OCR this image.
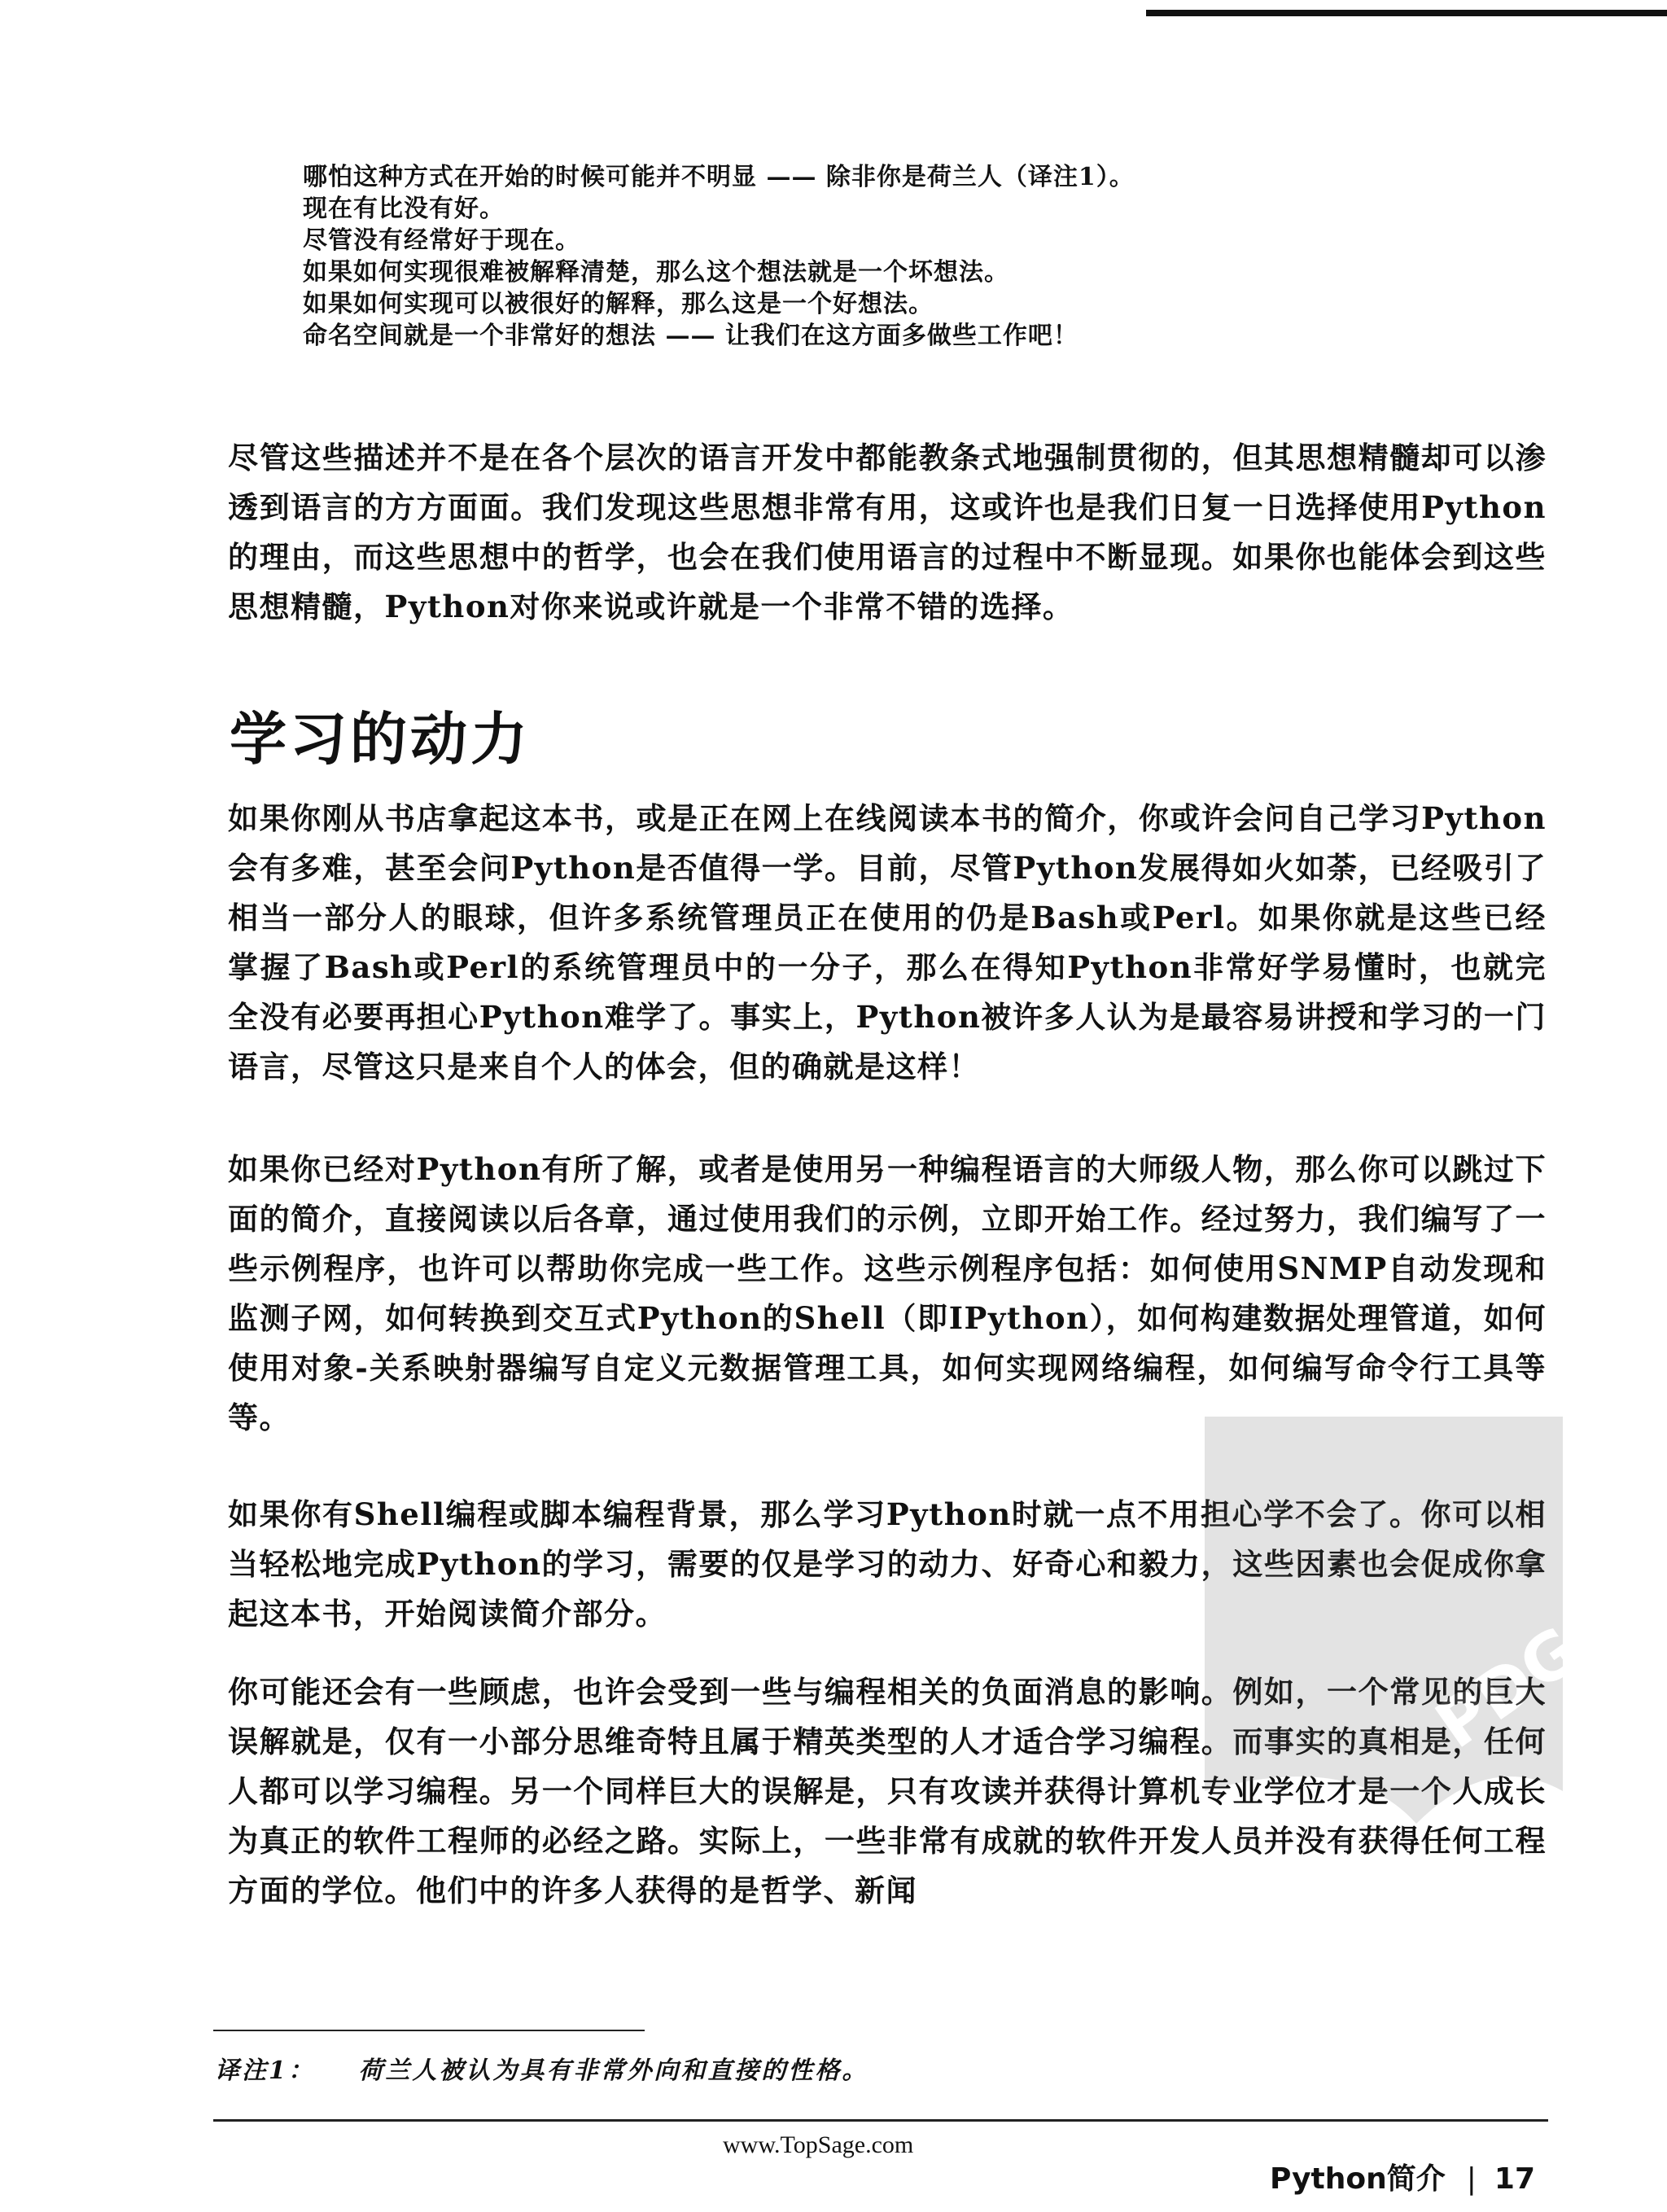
哪怕这种方式在开始的时候可能并不明显 —— 除非你是荷兰人（译注1）。
现在有比没有好。
尽管没有经常好于现在。
如果如何实现很难被解释清楚，那么这个想法就是一个坏想法。
如果如何实现可以被很好的解释，那么这是一个好想法。
命名空间就是一个非常好的想法 —— 让我们在这方面多做些工作吧！

尽管这些描述并不是在各个层次的语言开发中都能教条式地强制贯彻的，但其思想精髓却可以渗透到语言的方方面面。我们发现这些思想非常有用，这或许也是我们日复一日选择使用Python的理由，而这些思想中的哲学，也会在我们使用语言的过程中不断显现。如果你也能体会到这些思想精髓，Python对你来说或许就是一个非常不错的选择。

学习的动力

如果你刚从书店拿起这本书，或是正在网上在线阅读本书的简介，你或许会问自己学习Python会有多难，甚至会问Python是否值得一学。目前，尽管Python发展得如火如荼，已经吸引了相当一部分人的眼球，但许多系统管理员正在使用的仍是Bash或Perl。如果你就是这些已经掌握了Bash或Perl的系统管理员中的一分子，那么在得知Python非常好学易懂时，也就完全没有必要再担心Python难学了。事实上，Python被许多人认为是最容易讲授和学习的一门语言，尽管这只是来自个人的体会，但的确就是这样！

如果你已经对Python有所了解，或者是使用另一种编程语言的大师级人物，那么你可以跳过下面的简介，直接阅读以后各章，通过使用我们的示例，立即开始工作。经过努力，我们编写了一些示例程序，也许可以帮助你完成一些工作。这些示例程序包括：如何使用SNMP自动发现和监测子网，如何转换到交互式Python的Shell（即IPython），如何构建数据处理管道，如何使用对象-关系映射器编写自定义元数据管理工具，如何实现网络编程，如何编写命令行工具等等。

如果你有Shell编程或脚本编程背景，那么学习Python时就一点不用担心学不会了。你可以相当轻松地完成Python的学习，需要的仅是学习的动力、好奇心和毅力，这些因素也会促成你拿起这本书，开始阅读简介部分。

你可能还会有一些顾虑，也许会受到一些与编程相关的负面消息的影响。例如，一个常见的巨大误解就是，仅有一小部分思维奇特且属于精英类型的人才适合学习编程。而事实的真相是，任何人都可以学习编程。另一个同样巨大的误解是，只有攻读并获得计算机专业学位才是一个人成长为真正的软件工程师的必经之路。实际上，一些非常有成就的软件开发人员并没有获得任何工程方面的学位。他们中的许多人获得的是哲学、新闻

译注1： 荷兰人被认为具有非常外向和直接的性格。
www.TopSage.com
Python简介 | 17
PDG
